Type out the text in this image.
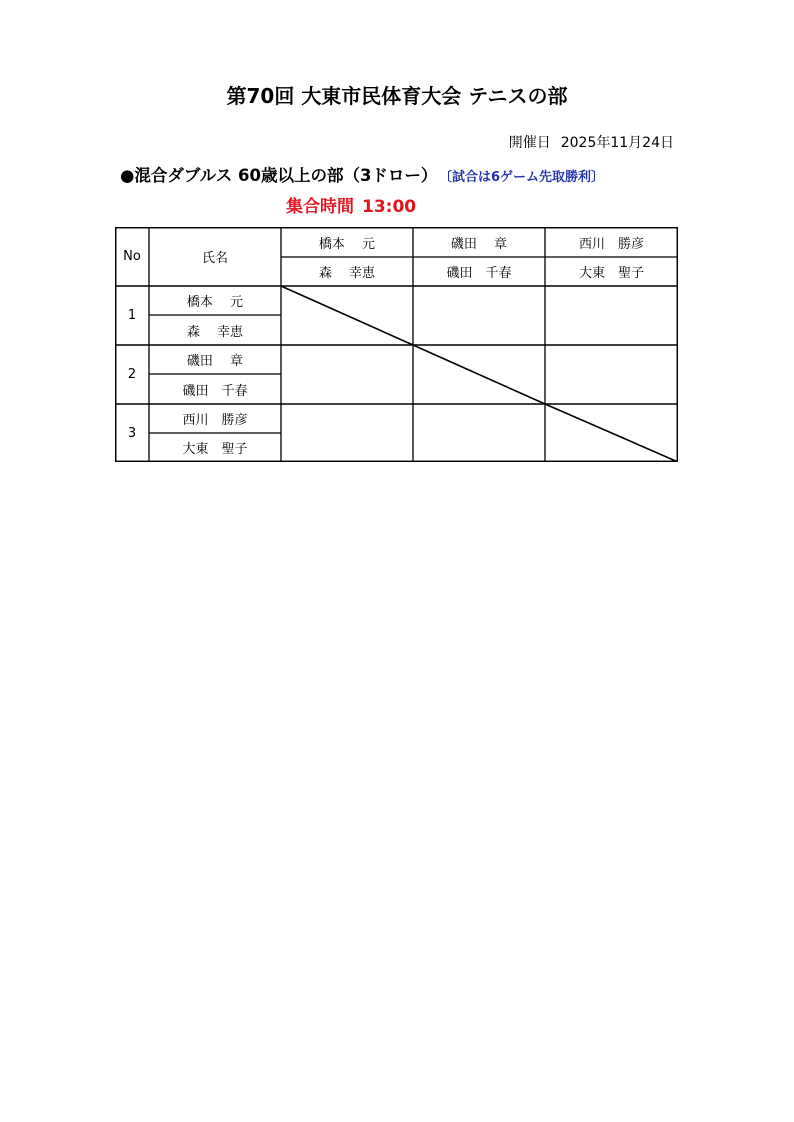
第70回 大東市民体育大会 テニスの部
開催日 2025年11月24日
●混合ダブルス 60歳以上の部（3ドロー） 〔試合は6ゲーム先取勝利〕
集合時間 13:00
No	氏名
橋本　 元
森　 幸恵
磯田　 章
磯田　千春
西川　勝彦
大東　聖子
1
橋本　 元
森　 幸恵
2
磯田　 章
磯田　千春
3
西川　勝彦
大東　聖子
